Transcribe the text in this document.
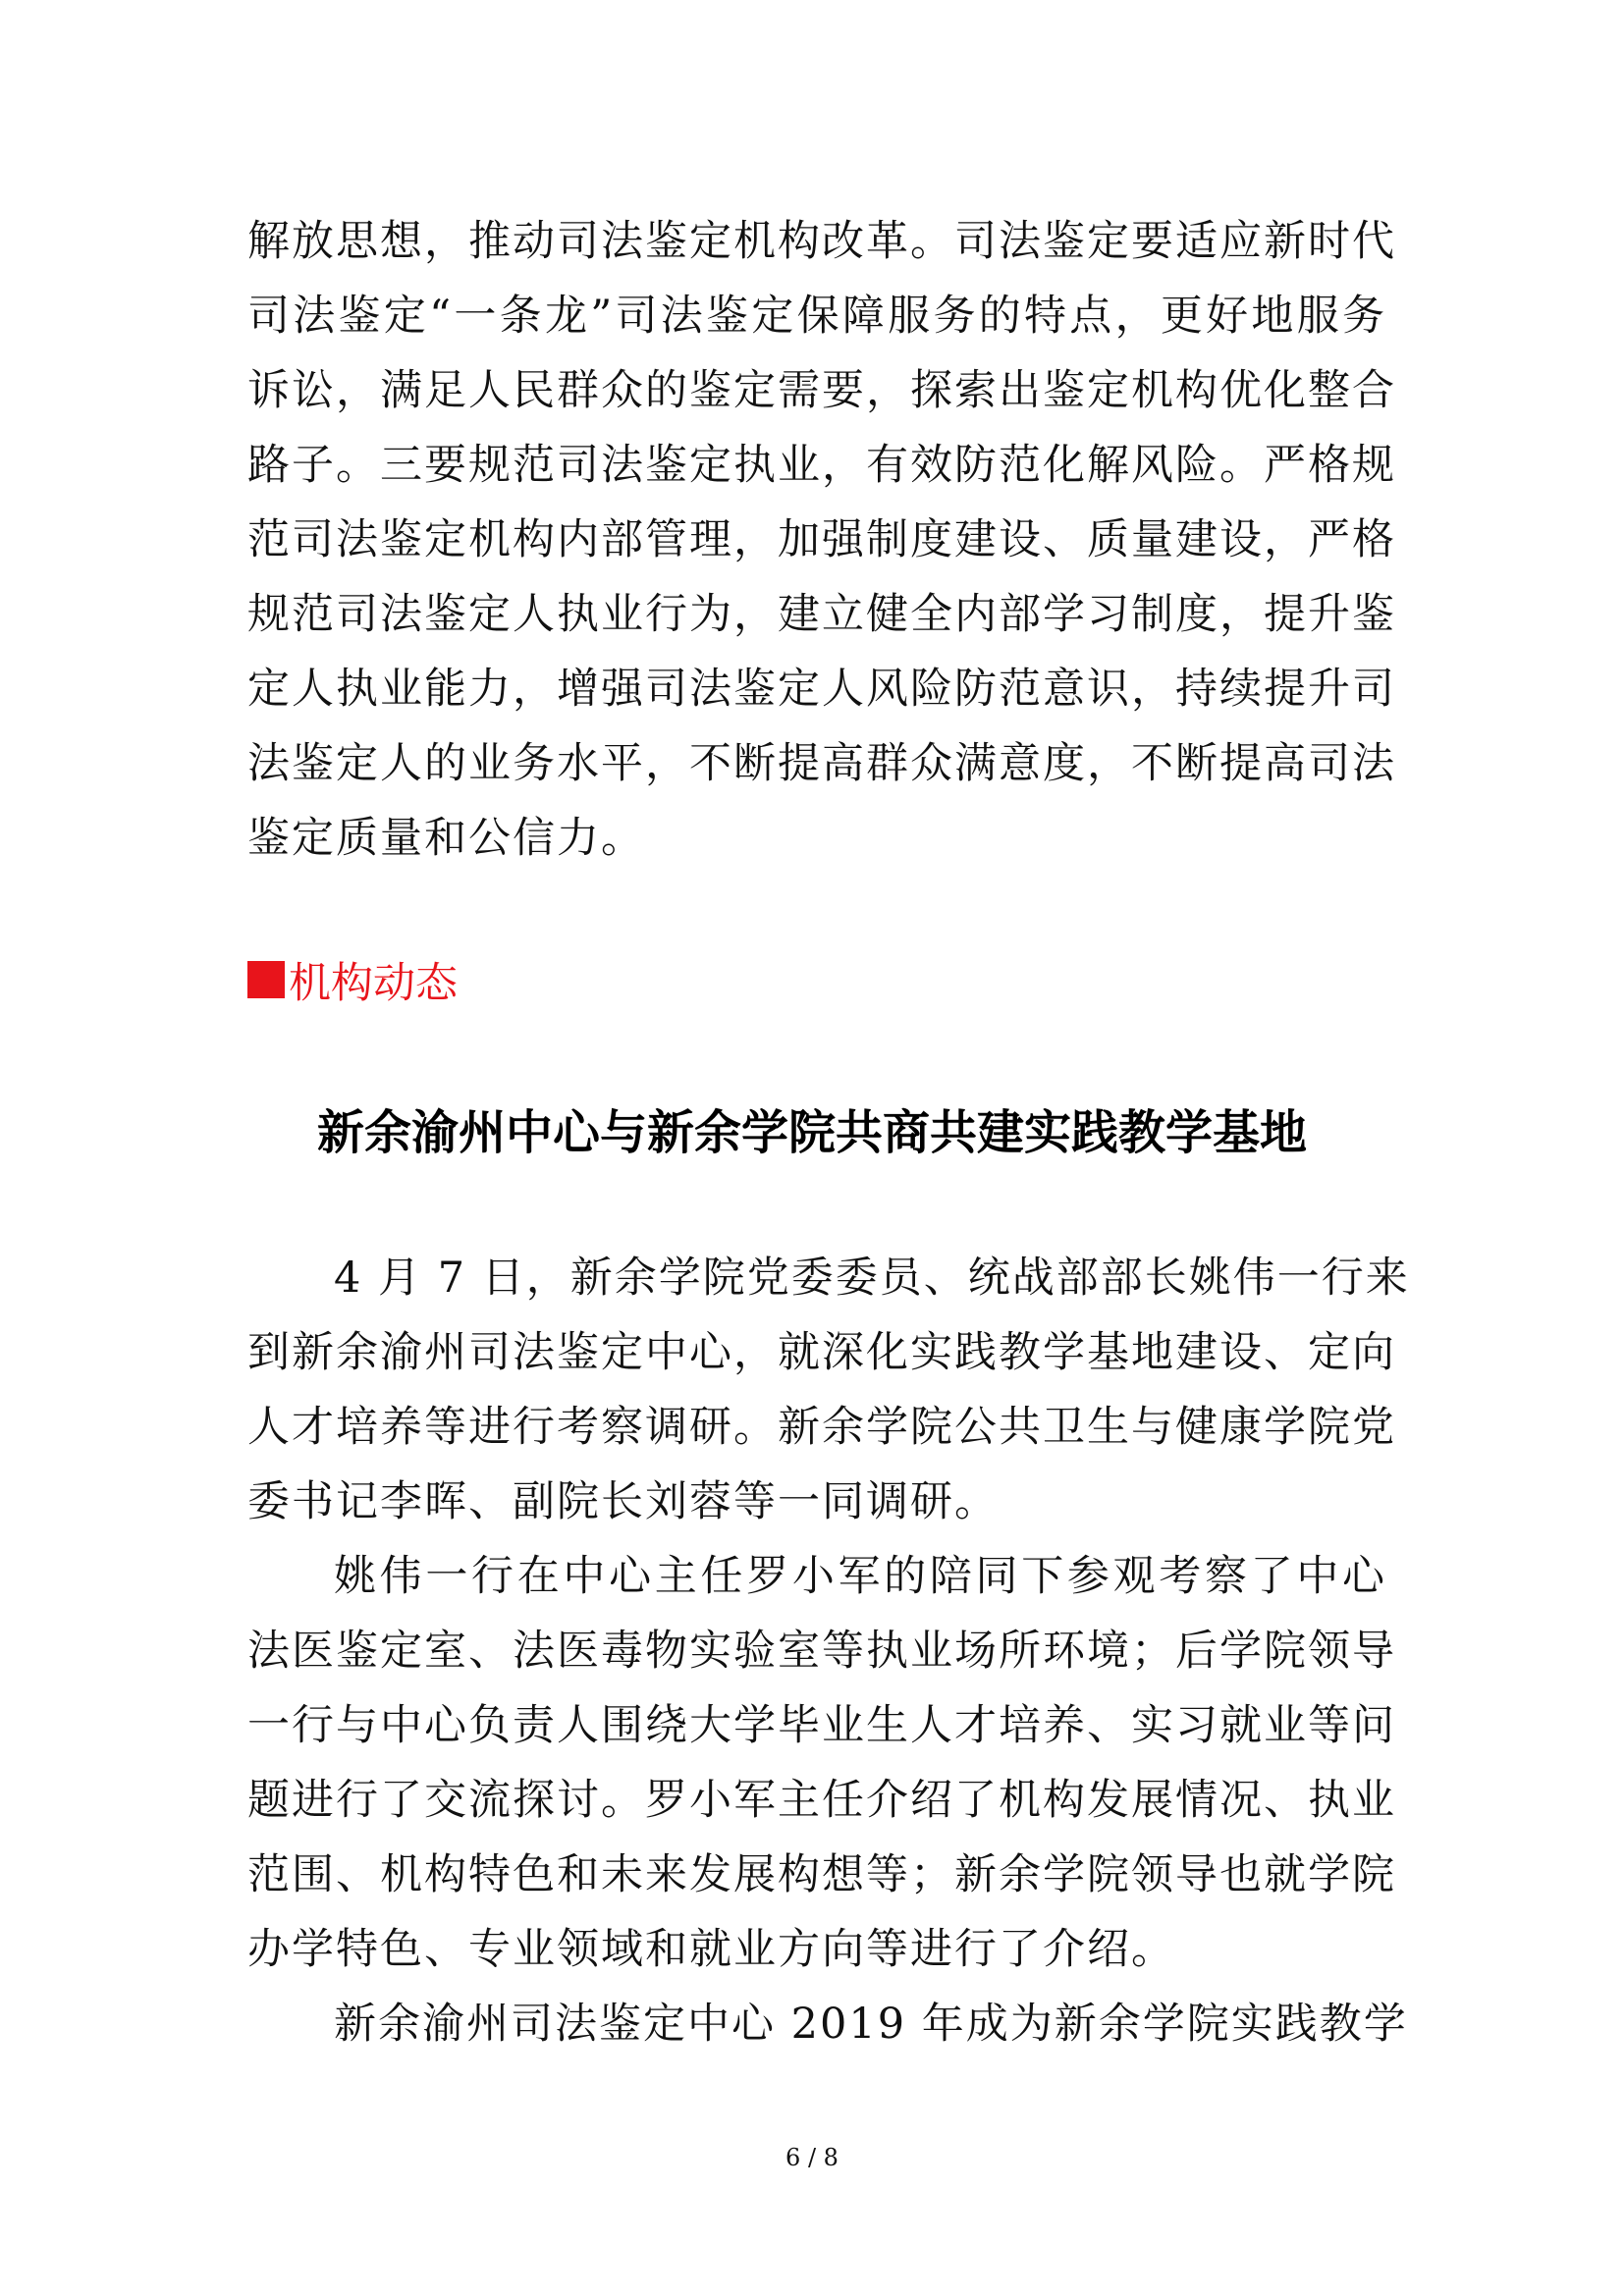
解放思想，推动司法鉴定机构改革。司法鉴定要适应新时代
司法鉴定“一条龙”司法鉴定保障服务的特点，更好地服务
诉讼，满足人民群众的鉴定需要，探索出鉴定机构优化整合
路子。三要规范司法鉴定执业，有效防范化解风险。严格规
范司法鉴定机构内部管理，加强制度建设、质量建设，严格
规范司法鉴定人执业行为，建立健全内部学习制度，提升鉴
定人执业能力，增强司法鉴定人风险防范意识，持续提升司
法鉴定人的业务水平，不断提高群众满意度，不断提高司法
鉴定质量和公信力。
机构动态
新余渝州中心与新余学院共商共建实践教学基地
4 月 7 日，新余学院党委委员、统战部部长姚伟一行来
到新余渝州司法鉴定中心，就深化实践教学基地建设、定向
人才培养等进行考察调研。新余学院公共卫生与健康学院党
委书记李晖、副院长刘蓉等一同调研。
姚伟一行在中心主任罗小军的陪同下参观考察了中心
法医鉴定室、法医毒物实验室等执业场所环境；后学院领导
一行与中心负责人围绕大学毕业生人才培养、实习就业等问
题进行了交流探讨。罗小军主任介绍了机构发展情况、执业
范围、机构特色和未来发展构想等；新余学院领导也就学院
办学特色、专业领域和就业方向等进行了介绍。
新余渝州司法鉴定中心 2019 年成为新余学院实践教学
6 / 8
